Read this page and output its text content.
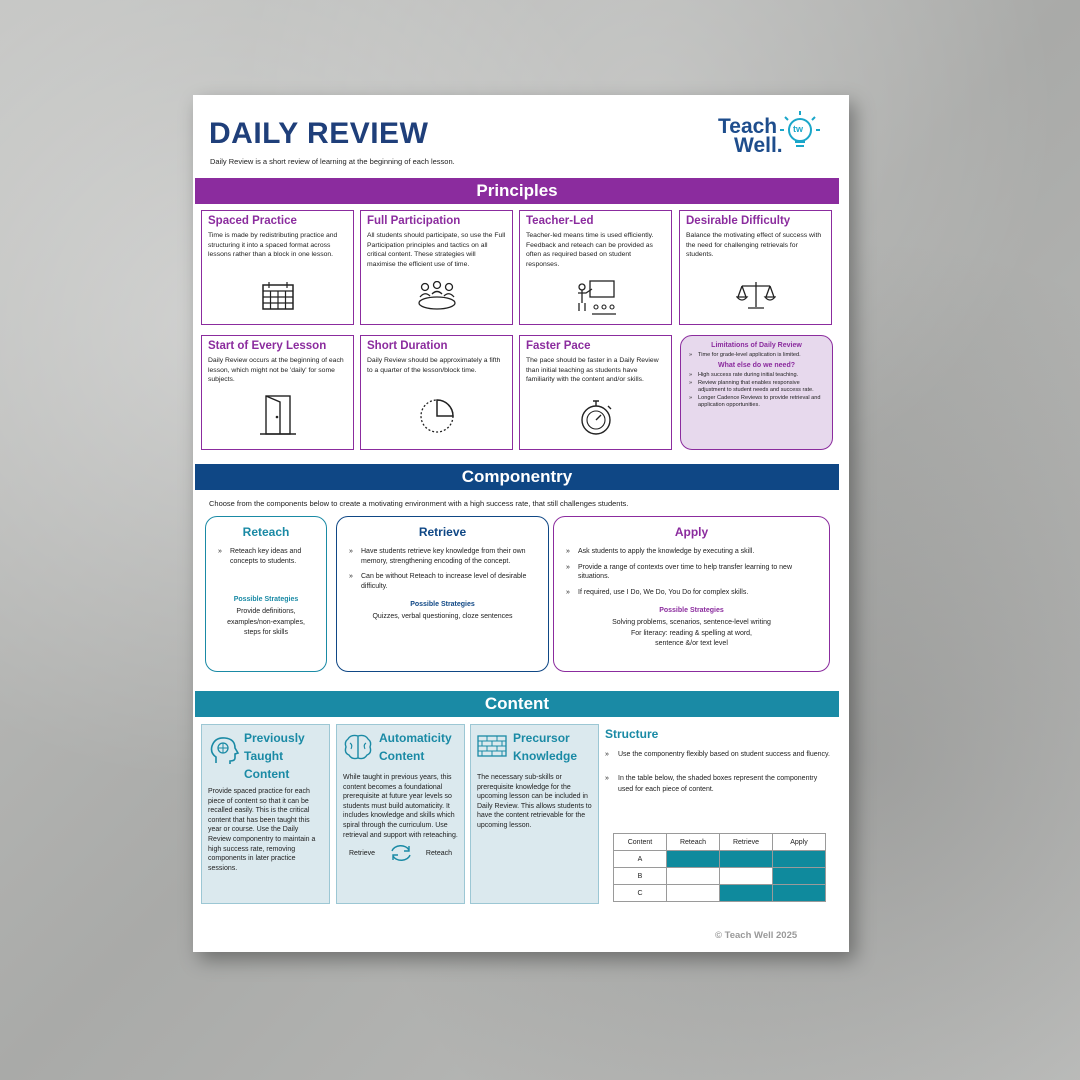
DAILY REVIEW
Daily Review is a short review of learning at the beginning of each lesson.
Teach
Well.
tw
Principles
Spaced Practice

Time is made by redistributing practice and structuring it into a spaced format across lessons rather than a block in one lesson.

Full Participation

All students should participate, so use the Full Participation principles and tactics on all critical content. These strategies will maximise the efficient use of time.

Teacher-Led

Teacher-led means time is used efficiently. Feedback and reteach can be provided as often as required based on student responses.

Desirable Difficulty

Balance the motivating effect of success with the need for challenging retrievals for students.

Start of Every Lesson

Daily Review occurs at the beginning of each lesson, which might not be 'daily' for some subjects.

Short Duration

Daily Review should be approximately a fifth to a quarter of the lesson/block time.

Faster Pace

The pace should be faster in a Daily Review than initial teaching as students have familiarity with the content and/or skills.

Limitations of Daily Review
» Time for grade-level application is limited.
What else do we need?
» High success rate during initial teaching.
» Review planning that enables responsive adjustment to student needs and success rate.
» Longer Cadence Reviews to provide retrieval and application opportunities.
Componentry
Choose from the components below to create a motivating environment with a high success rate, that still challenges students.
Reteach
» Reteach key ideas and concepts to students.
Possible Strategies
Provide definitions,
examples/non-examples,
steps for skills
Retrieve
» Have students retrieve key knowledge from their own memory, strengthening encoding of the concept.
» Can be without Reteach to increase level of desirable difficulty.
Possible Strategies
Quizzes, verbal questioning, cloze sentences
Apply
» Ask students to apply the knowledge by executing a skill.
» Provide a range of contexts over time to help transfer learning to new situations.
» If required, use I Do, We Do, You Do for complex skills.
Possible Strategies
Solving problems, scenarios, sentence-level writing
For literacy: reading & spelling at word,
sentence &/or text level
Content
Previously Taught Content

Provide spaced practice for each piece of content so that it can be recalled easily. This is the critical content that has been taught this year or course. Use the Daily Review componentry to maintain a high success rate, removing components in later practice sessions.

Automaticity Content

While taught in previous years, this content becomes a foundational prerequisite at future year levels so students must build automaticity. It includes knowledge and skills which spiral through the curriculum. Use retrieval and support with reteaching.

Retrieve	Reteach
Precursor Knowledge

The necessary sub-skills or prerequisite knowledge for the upcoming lesson can be included in Daily Review. This allows students to have the content retrievable for the upcoming lesson.

Structure
» Use the componentry flexibly based on student success and fluency.
» In the table below, the shaded boxes represent the componentry used for each piece of content.
Content	Reteach	Retrieve	Apply
A			
B			
C			
© Teach Well 2025
